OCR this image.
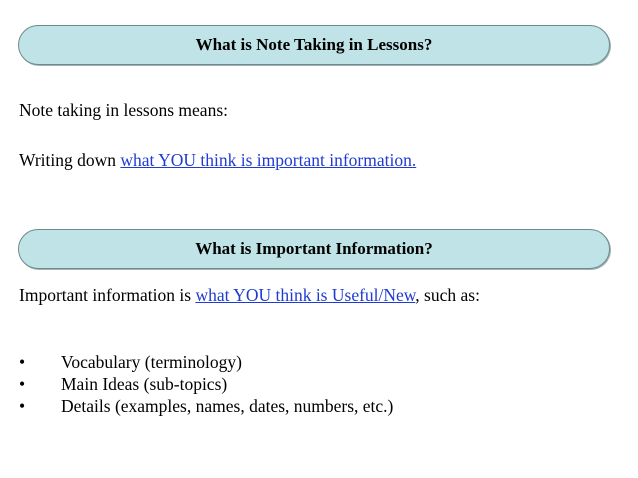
What is Note Taking in Lessons?
Note taking in lessons means:
Writing down what YOU think is important information.
What is Important Information?
Important information is what YOU think is Useful/New, such as:
•	Vocabulary (terminology)
•	Main Ideas (sub-topics)
•	Details (examples, names, dates, numbers, etc.)
